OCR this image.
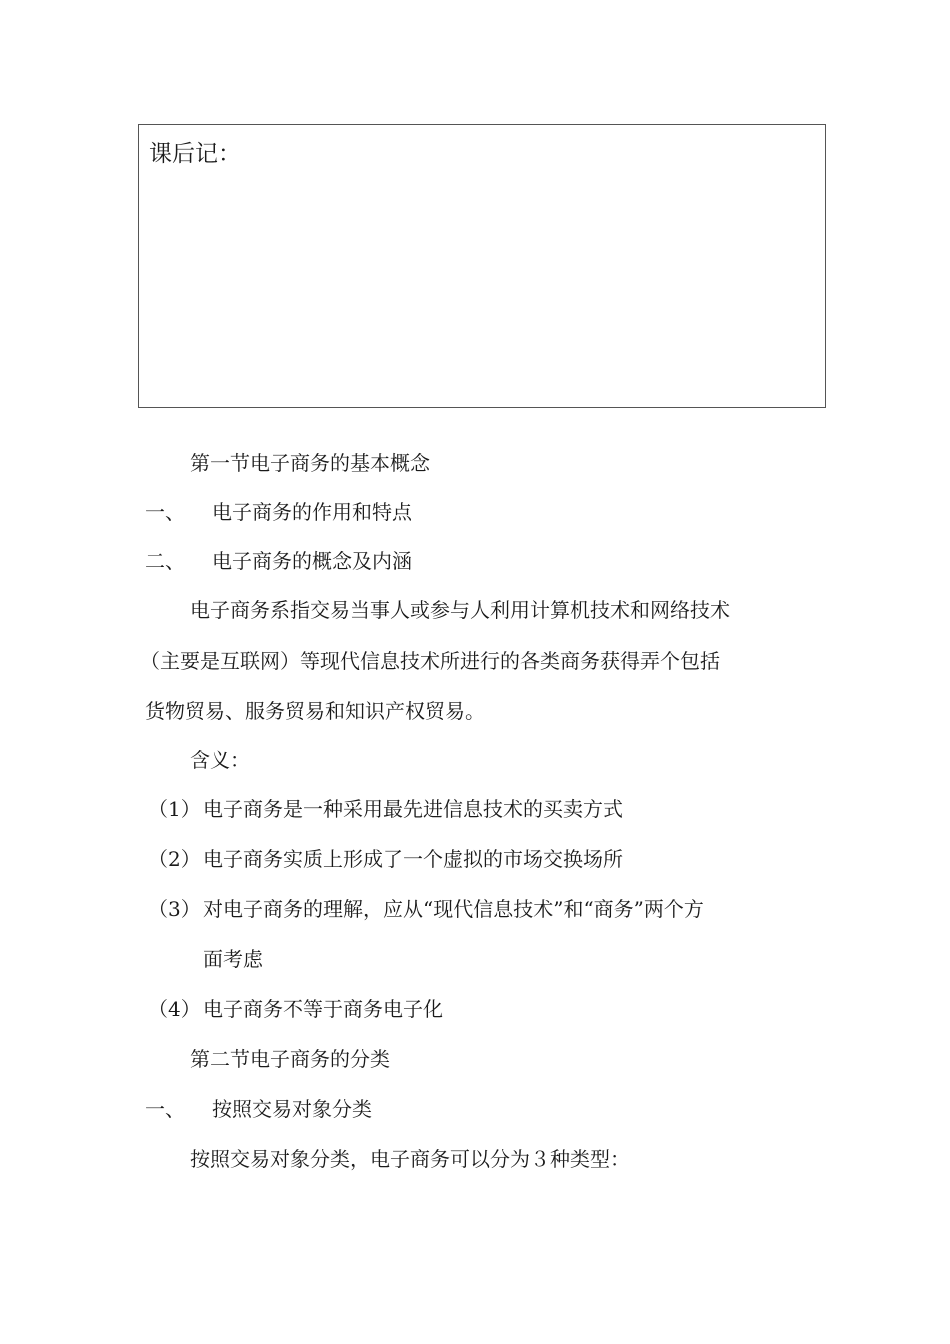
课后记：
第一节电子商务的基本概念
一、 电子商务的作用和特点
二、 电子商务的概念及内涵
电子商务系指交易当事人或参与人利用计算机技术和网络技术
（主要是互联网）等现代信息技术所进行的各类商务获得弄个包括
货物贸易、服务贸易和知识产权贸易。
含义：
（1） 电子商务是一种采用最先进信息技术的买卖方式
（2） 电子商务实质上形成了一个虚拟的市场交换场所
（3） 对电子商务的理解，应从“现代信息技术”和“商务”两个方
面考虑
（4） 电子商务不等于商务电子化
第二节电子商务的分类
一、 按照交易对象分类
按照交易对象分类，电子商务可以分为３种类型：
